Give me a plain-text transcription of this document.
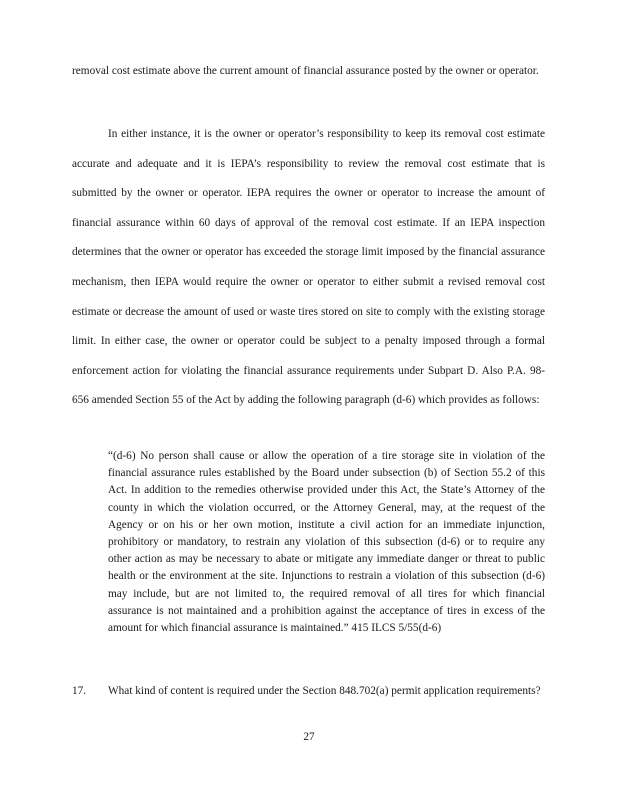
removal cost estimate above the current amount of financial assurance posted by the owner or operator.

In either instance, it is the owner or operator’s responsibility to keep its removal cost estimate accurate and adequate and it is IEPA’s responsibility to review the removal cost estimate that is submitted by the owner or operator. IEPA requires the owner or operator to increase the amount of financial assurance within 60 days of approval of the removal cost estimate. If an IEPA inspection determines that the owner or operator has exceeded the storage limit imposed by the financial assurance mechanism, then IEPA would require the owner or operator to either submit a revised removal cost estimate or decrease the amount of used or waste tires stored on site to comply with the existing storage limit. In either case, the owner or operator could be subject to a penalty imposed through a formal enforcement action for violating the financial assurance requirements under Subpart D. Also P.A. 98-656 amended Section 55 of the Act by adding the following paragraph (d-6) which provides as follows:

“(d-6) No person shall cause or allow the operation of a tire storage site in violation of the financial assurance rules established by the Board under subsection (b) of Section 55.2 of this Act. In addition to the remedies otherwise provided under this Act, the State’s Attorney of the county in which the violation occurred, or the Attorney General, may, at the request of the Agency or on his or her own motion, institute a civil action for an immediate injunction, prohibitory or mandatory, to restrain any violation of this subsection (d-6) or to require any other action as may be necessary to abate or mitigate any immediate danger or threat to public health or the environment at the site. Injunctions to restrain a violation of this subsection (d-6) may include, but are not limited to, the required removal of all tires for which financial assurance is not maintained and a prohibition against the acceptance of tires in excess of the amount for which financial assurance is maintained.” 415 ILCS 5/55(d-6)

17. What kind of content is required under the Section 848.702(a) permit application requirements?
27
